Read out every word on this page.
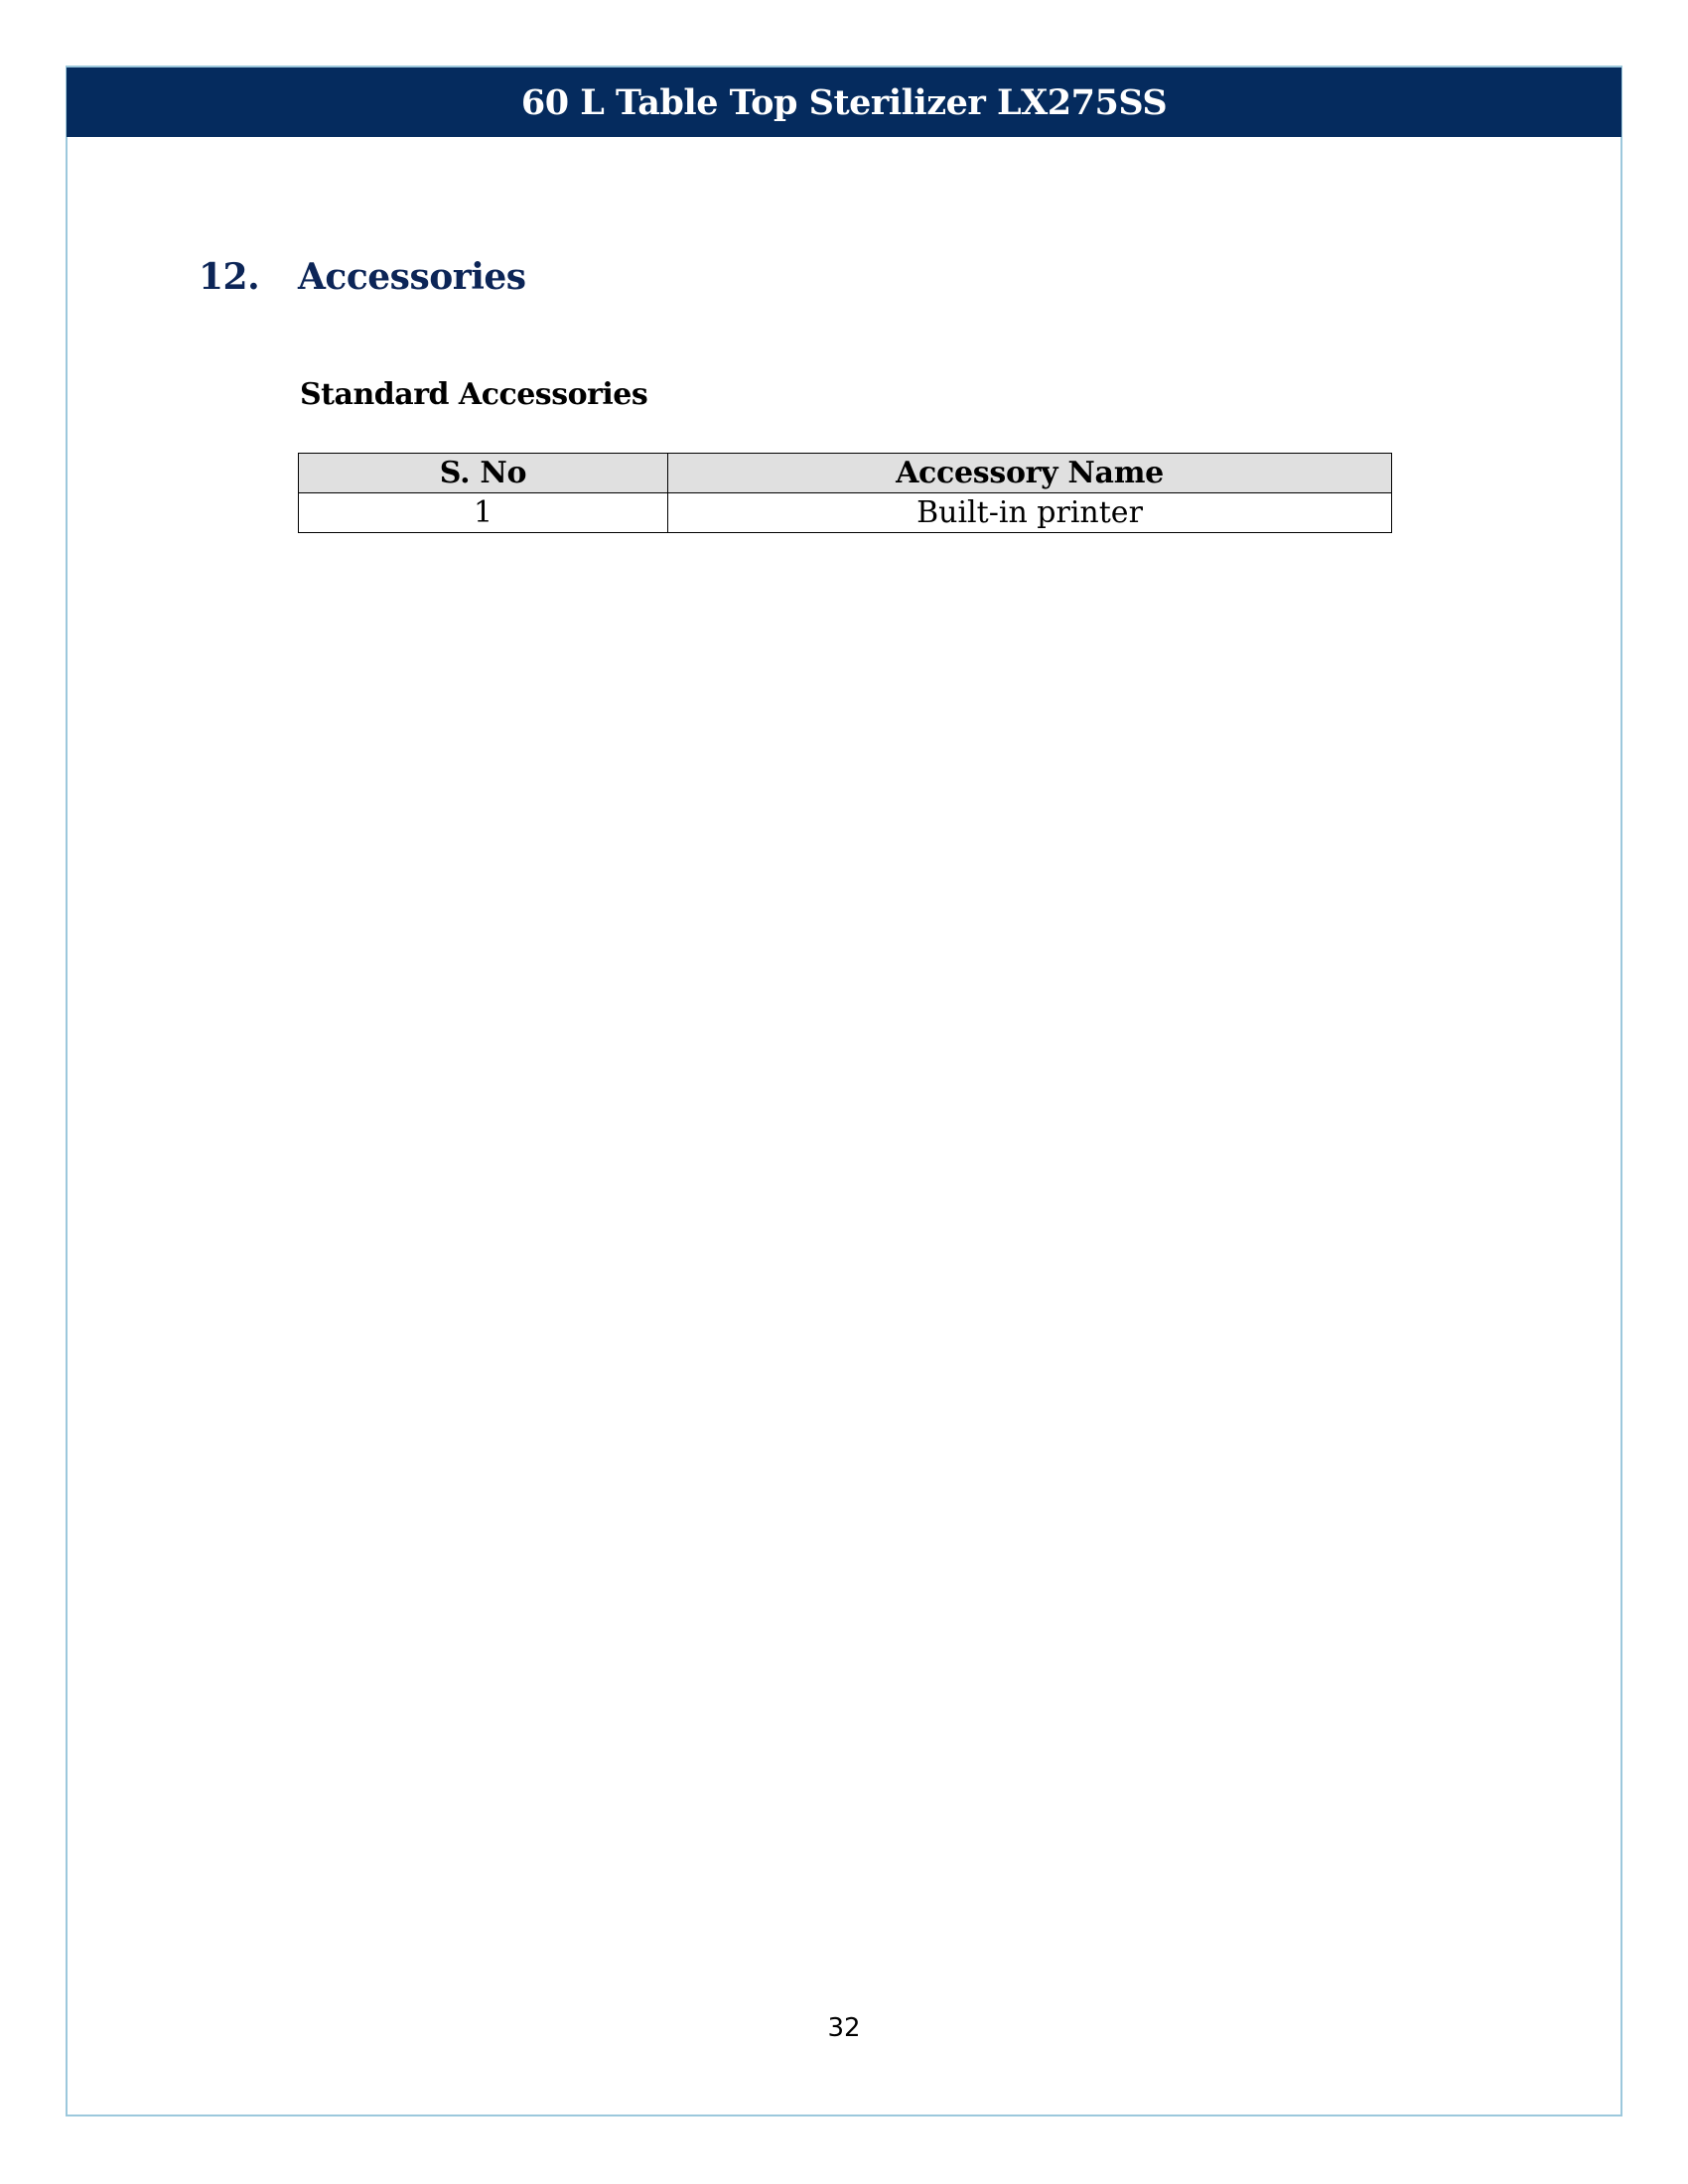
60 L Table Top Sterilizer LX275SS
12.	Accessories
Standard Accessories
S. No	Accessory Name
1	Built-in printer
32
